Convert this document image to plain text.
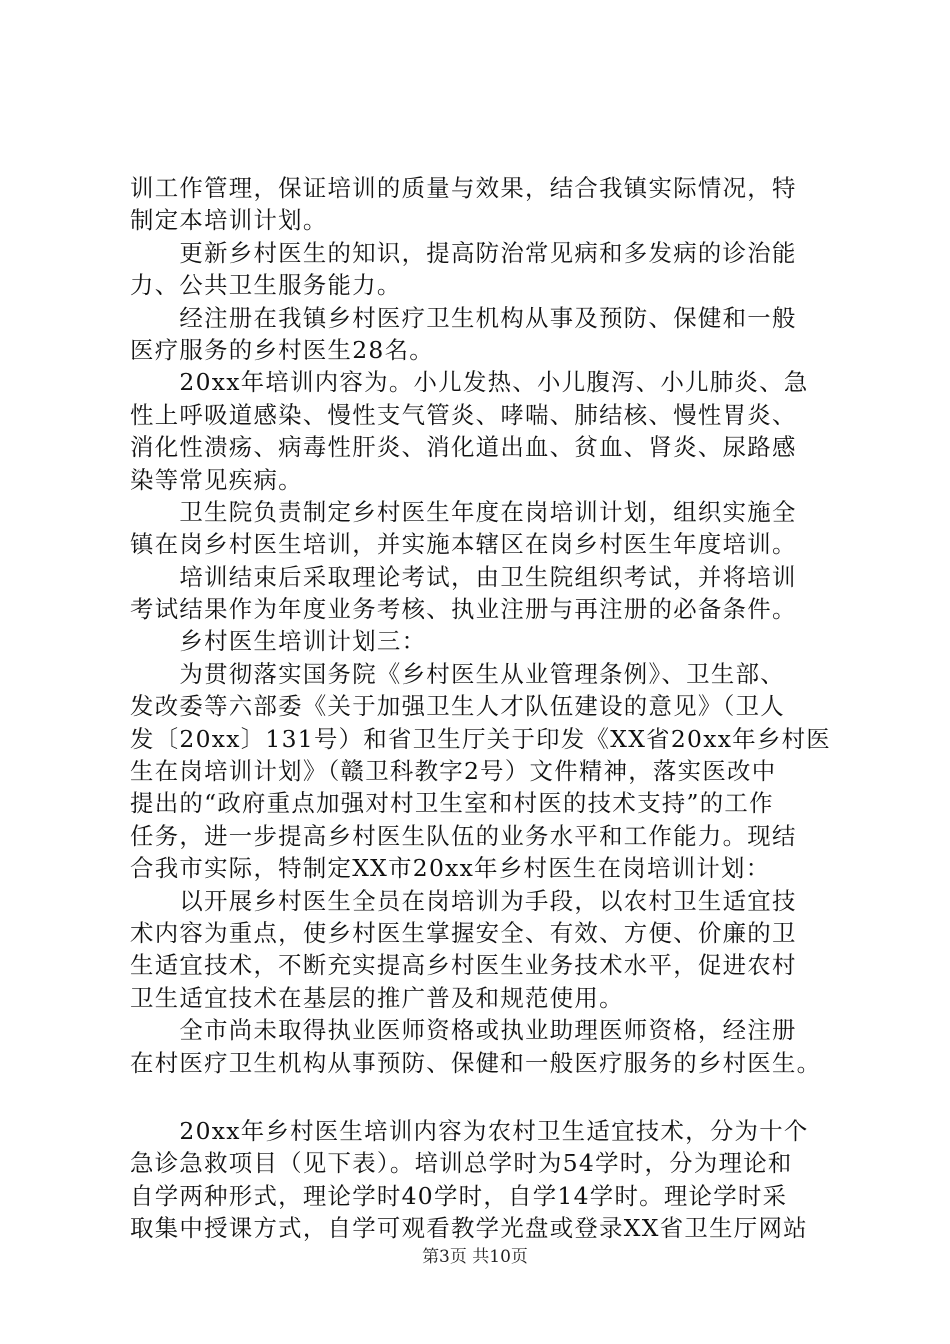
训工作管理，保证培训的质量与效果，结合我镇实际情况，特
制定本培训计划。

　　更新乡村医生的知识，提高防治常见病和多发病的诊治能
力、公共卫生服务能力。

　　经注册在我镇乡村医疗卫生机构从事及预防、保健和一般
医疗服务的乡村医生28名。

　　20xx年培训内容为。小儿发热、小儿腹泻、小儿肺炎、急
性上呼吸道感染、慢性支气管炎、哮喘、肺结核、慢性胃炎、
消化性溃疡、病毒性肝炎、消化道出血、贫血、肾炎、尿路感
染等常见疾病。

　　卫生院负责制定乡村医生年度在岗培训计划，组织实施全
镇在岗乡村医生培训，并实施本辖区在岗乡村医生年度培训。

　　培训结束后采取理论考试，由卫生院组织考试，并将培训
考试结果作为年度业务考核、执业注册与再注册的必备条件。

　　乡村医生培训计划三：

　　为贯彻落实国务院《乡村医生从业管理条例》、卫生部、
发改委等六部委《关于加强卫生人才队伍建设的意见》（卫人
发〔20xx〕131号）和省卫生厅关于印发《XX省20xx年乡村医
生在岗培训计划》（赣卫科教字2号）文件精神，落实医改中
提出的“政府重点加强对村卫生室和村医的技术支持”的工作
任务，进一步提高乡村医生队伍的业务水平和工作能力。现结
合我市实际，特制定XX市20xx年乡村医生在岗培训计划：

　　以开展乡村医生全员在岗培训为手段，以农村卫生适宜技
术内容为重点，使乡村医生掌握安全、有效、方便、价廉的卫
生适宜技术，不断充实提高乡村医生业务技术水平，促进农村
卫生适宜技术在基层的推广普及和规范使用。

　　全市尚未取得执业医师资格或执业助理医师资格，经注册
在村医疗卫生机构从事预防、保健和一般医疗服务的乡村医生。

　　20xx年乡村医生培训内容为农村卫生适宜技术，分为十个
急诊急救项目（见下表）。培训总学时为54学时，分为理论和
自学两种形式，理论学时40学时，自学14学时。理论学时采
取集中授课方式，自学可观看教学光盘或登录XX省卫生厅网站

第3页 共10页
